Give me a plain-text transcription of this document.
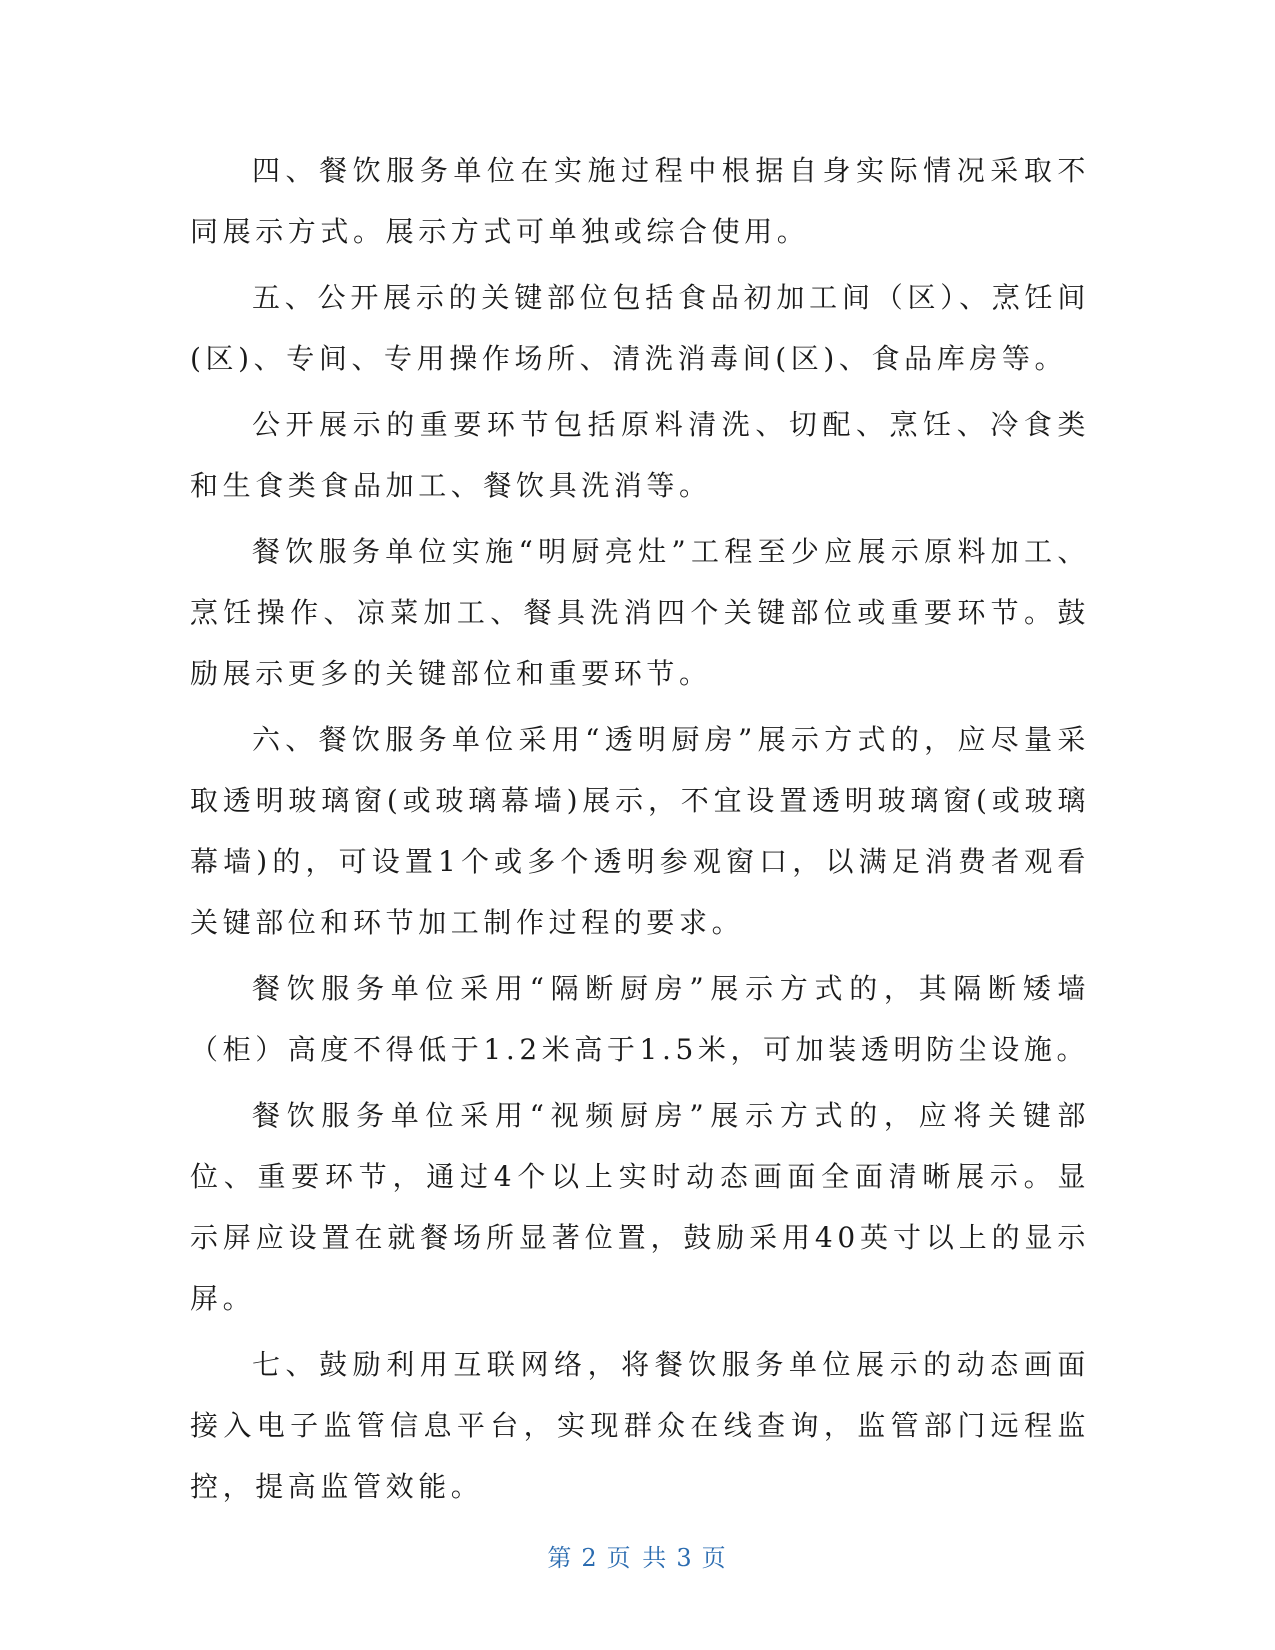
四、餐饮服务单位在实施过程中根据自身实际情况采取不同展示方式。展示方式可单独或综合使用。

五、公开展示的关键部位包括食品初加工间（区）、烹饪间(区)、专间、专用操作场所、清洗消毒间(区)、食品库房等。

公开展示的重要环节包括原料清洗、切配、烹饪、冷食类和生食类食品加工、餐饮具洗消等。

餐饮服务单位实施“明厨亮灶”工程至少应展示原料加工、烹饪操作、凉菜加工、餐具洗消四个关键部位或重要环节。鼓励展示更多的关键部位和重要环节。

六、餐饮服务单位采用“透明厨房”展示方式的，应尽量采取透明玻璃窗(或玻璃幕墙)展示，不宜设置透明玻璃窗(或玻璃幕墙)的，可设置1个或多个透明参观窗口，以满足消费者观看关键部位和环节加工制作过程的要求。

餐饮服务单位采用“隔断厨房”展示方式的，其隔断矮墙（柜）高度不得低于1.2米高于1.5米，可加装透明防尘设施。

餐饮服务单位采用“视频厨房”展示方式的，应将关键部位、重要环节，通过4个以上实时动态画面全面清晰展示。显示屏应设置在就餐场所显著位置，鼓励采用40英寸以上的显示屏。

七、鼓励利用互联网络，将餐饮服务单位展示的动态画面接入电子监管信息平台，实现群众在线查询，监管部门远程监控，提高监管效能。

第 2 页 共 3 页
